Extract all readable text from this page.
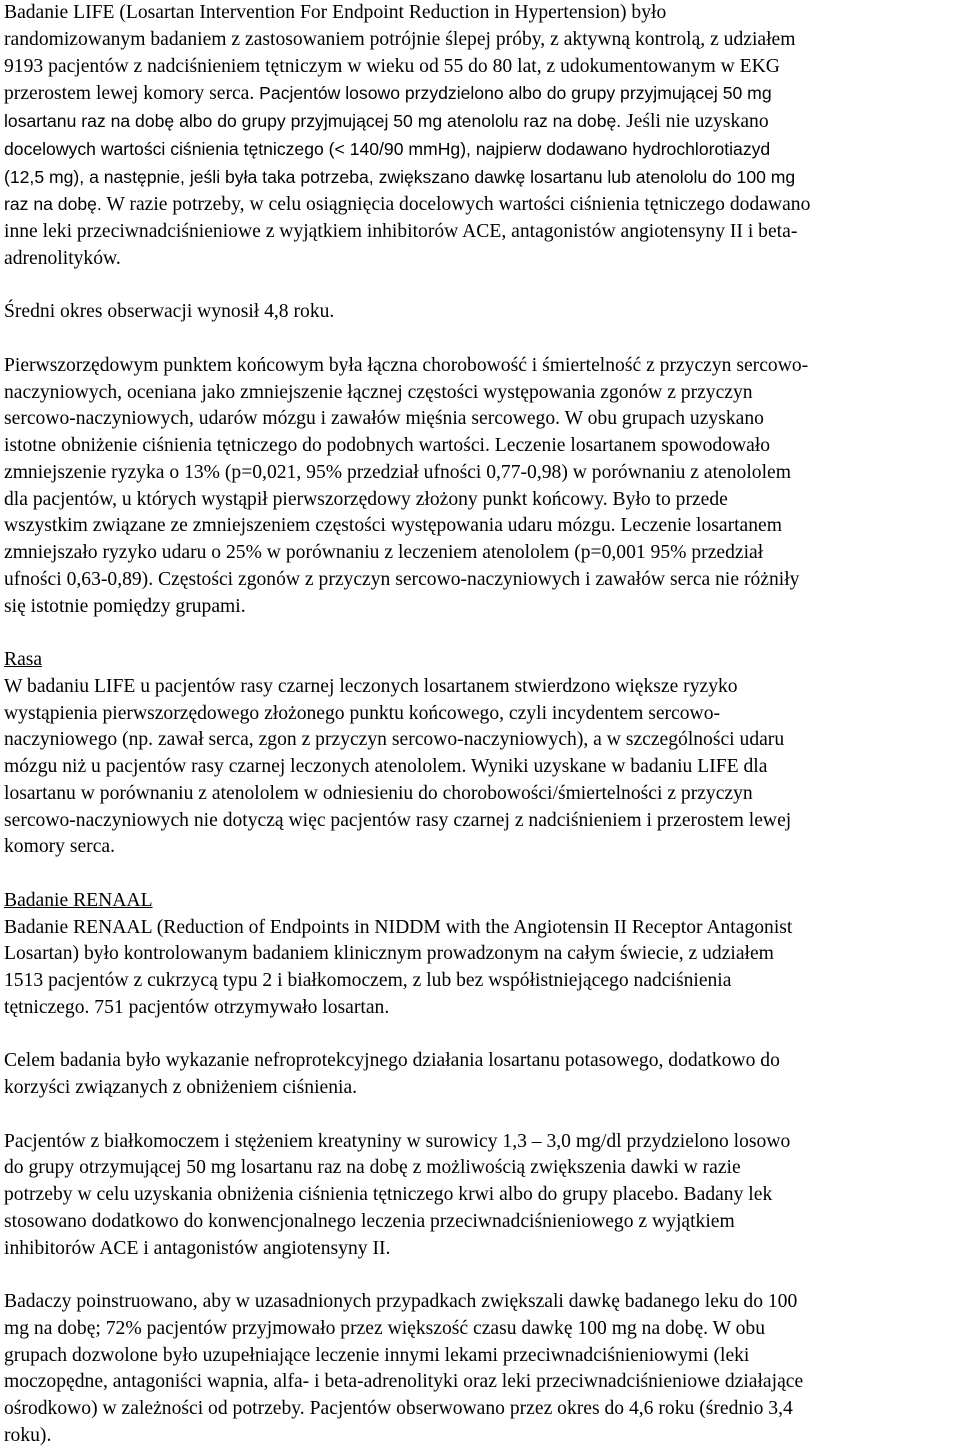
Badanie LIFE (Losartan Intervention For Endpoint Reduction in Hypertension) było
randomizowanym badaniem z zastosowaniem potrójnie ślepej próby, z aktywną kontrolą, z udziałem
9193 pacjentów z nadciśnieniem tętniczym w wieku od 55 do 80 lat, z udokumentowanym w EKG
przerostem lewej komory serca. Pacjentów losowo przydzielono albo do grupy przyjmującej 50 mg
losartanu raz na dobę albo do grupy przyjmującej 50 mg atenololu raz na dobę. Jeśli nie uzyskano
docelowych wartości ciśnienia tętniczego (< 140/90 mmHg), najpierw dodawano hydrochlorotiazyd
(12,5 mg), a następnie, jeśli była taka potrzeba, zwiększano dawkę losartanu lub atenololu do 100 mg
raz na dobę. W razie potrzeby, w celu osiągnięcia docelowych wartości ciśnienia tętniczego dodawano
inne leki przeciwnadciśnieniowe z wyjątkiem inhibitorów ACE, antagonistów angiotensyny II i beta-
adrenolityków.
Średni okres obserwacji wynosił 4,8 roku.
Pierwszorzędowym punktem końcowym była łączna chorobowość i śmiertelność z przyczyn sercowo-
naczyniowych, oceniana jako zmniejszenie łącznej częstości występowania zgonów z przyczyn
sercowo-naczyniowych, udarów mózgu i zawałów mięśnia sercowego. W obu grupach uzyskano
istotne obniżenie ciśnienia tętniczego do podobnych wartości. Leczenie losartanem spowodowało
zmniejszenie ryzyka o 13% (p=0,021, 95% przedział ufności 0,77-0,98) w porównaniu z atenololem
dla pacjentów, u których wystąpił pierwszorzędowy złożony punkt końcowy. Było to przede
wszystkim związane ze zmniejszeniem częstości występowania udaru mózgu. Leczenie losartanem
zmniejszało ryzyko udaru o 25% w porównaniu z leczeniem atenololem (p=0,001 95% przedział
ufności 0,63-0,89). Częstości zgonów z przyczyn sercowo-naczyniowych i zawałów serca nie różniły
się istotnie pomiędzy grupami.
Rasa
W badaniu LIFE u pacjentów rasy czarnej leczonych losartanem stwierdzono większe ryzyko
wystąpienia pierwszorzędowego złożonego punktu końcowego, czyli incydentem sercowo-
naczyniowego (np. zawał serca, zgon z przyczyn sercowo-naczyniowych), a w szczególności udaru
mózgu niż u pacjentów rasy czarnej leczonych atenololem. Wyniki uzyskane w badaniu LIFE dla
losartanu w porównaniu z atenololem w odniesieniu do chorobowości/śmiertelności z przyczyn
sercowo-naczyniowych nie dotyczą więc pacjentów rasy czarnej z nadciśnieniem i przerostem lewej
komory serca.
Badanie RENAAL
Badanie RENAAL (Reduction of Endpoints in NIDDM with the Angiotensin II Receptor Antagonist
Losartan) było kontrolowanym badaniem klinicznym prowadzonym na całym świecie, z udziałem
1513 pacjentów z cukrzycą typu 2 i białkomoczem, z lub bez współistniejącego nadciśnienia
tętniczego. 751 pacjentów otrzymywało losartan.
Celem badania było wykazanie nefroprotekcyjnego działania losartanu potasowego, dodatkowo do
korzyści związanych z obniżeniem ciśnienia.
Pacjentów z białkomoczem i stężeniem kreatyniny w surowicy 1,3 – 3,0 mg/dl przydzielono losowo
do grupy otrzymującej 50 mg losartanu raz na dobę z możliwością zwiększenia dawki w razie
potrzeby w celu uzyskania obniżenia ciśnienia tętniczego krwi albo do grupy placebo. Badany lek
stosowano dodatkowo do konwencjonalnego leczenia przeciwnadciśnieniowego z wyjątkiem
inhibitorów ACE i antagonistów angiotensyny II.
Badaczy poinstruowano, aby w uzasadnionych przypadkach zwiększali dawkę badanego leku do 100
mg na dobę; 72% pacjentów przyjmowało przez większość czasu dawkę 100 mg na dobę. W obu
grupach dozwolone było uzupełniające leczenie innymi lekami przeciwnadciśnieniowymi (leki
moczopędne, antagoniści wapnia, alfa- i beta-adrenolityki oraz leki przeciwnadciśnieniowe działające
ośrodkowo) w zależności od potrzeby. Pacjentów obserwowano przez okres do 4,6 roku (średnio 3,4
roku).
